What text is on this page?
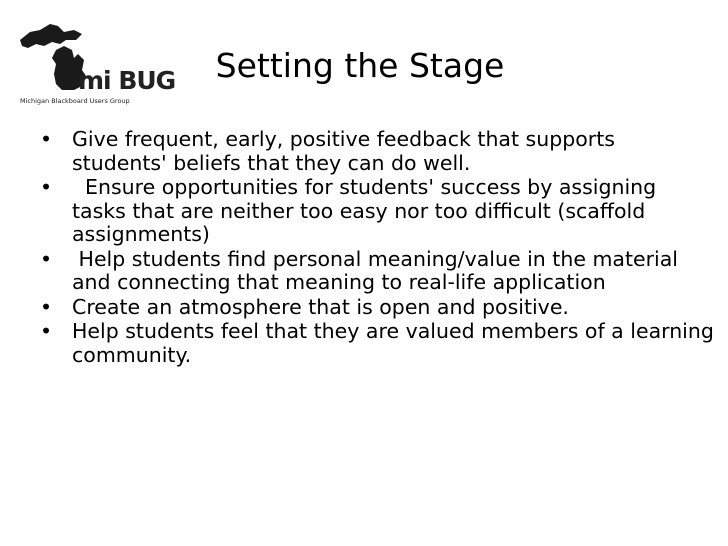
mi BUG
Michigan Blackboard Users Group
Setting the Stage
• Give frequent, early, positive feedback that supports students' beliefs that they can do well.
• Ensure opportunities for students' success by assigning tasks that are neither too easy nor too difficult (scaffold assignments)
• Help students find personal meaning/value in the material and connecting that meaning to real-life application
• Create an atmosphere that is open and positive.
• Help students feel that they are valued members of a learning community.
